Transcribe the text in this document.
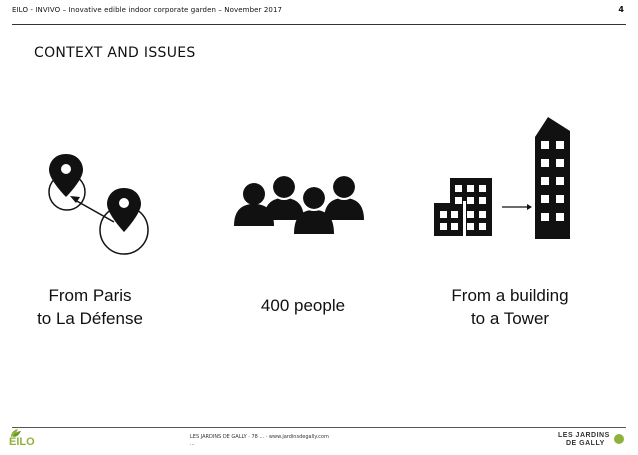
EILO - INVIVO – Inovative edible indoor corporate garden – November 2017	4
CONTEXT AND ISSUES
From Paris
to La Défense
400 people
From a building
to a Tower
EILO	LES JARDINS DE GALLY · 78 ... · www.jardinsdegally.com
...
LES JARDINS
DE GALLY
